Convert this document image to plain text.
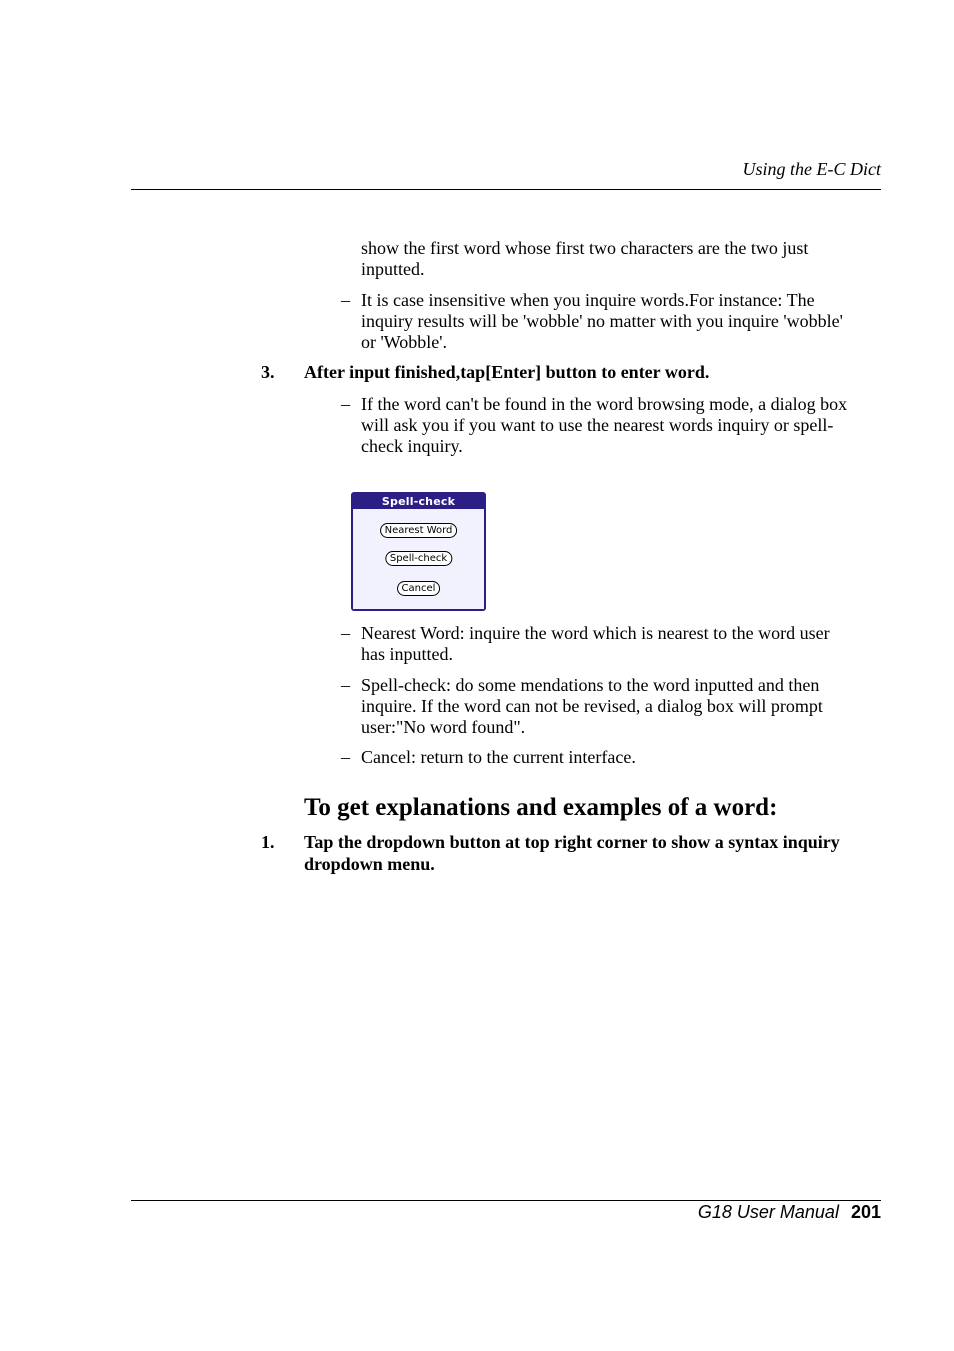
Using the E-C Dict
show the first word whose first two characters are the two just inputted.
– It is case insensitive when you inquire words.For instance: The inquiry results will be 'wobble' no matter with you inquire 'wobble' or 'Wobble'.
3. After input finished,tap[Enter] button to enter word.
– If the word can't be found in the word browsing mode, a dialog box will ask you if you want to use the nearest words inquiry or spell-check inquiry.
Spell-check
Nearest Word
Spell-check
Cancel
– Nearest Word: inquire the word which is nearest to the word user has inputted.
– Spell-check: do some mendations to the word inputted and then inquire. If the word can not be revised, a dialog box will prompt user:"No word found".
– Cancel: return to the current interface.
To get explanations and examples of a word:
1. Tap the dropdown button at top right corner to show a syntax inquiry dropdown menu.
G18 User Manual 201
